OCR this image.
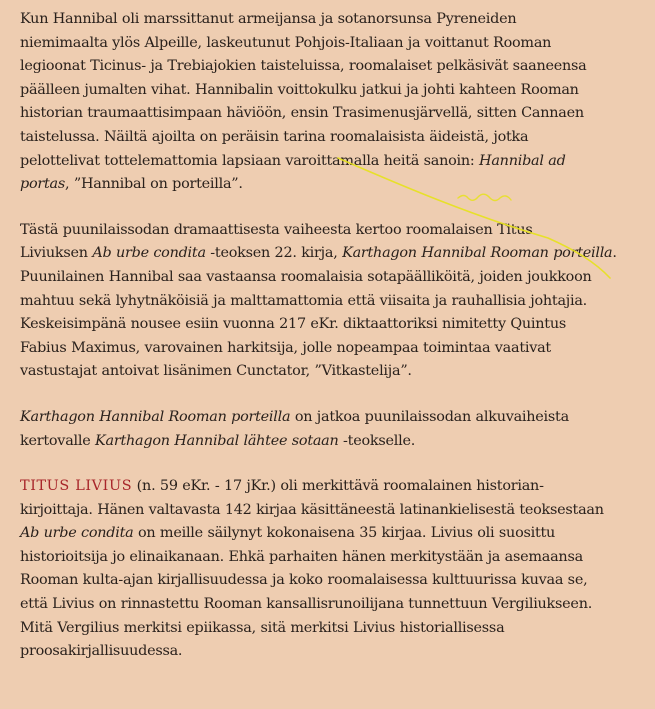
Kun Hannibal oli marssittanut armeijansa ja sotanorsunsa Pyreneiden
niemimaalta ylös Alpeille, laskeutunut Pohjois-Italiaan ja voittanut Rooman
legioonat Ticinus- ja Trebiajokien taisteluissa, roomalaiset pelkäsivät saaneensa
päälleen jumalten vihat. Hannibalin voittokulku jatkui ja johti kahteen Rooman
historian traumaattisimpaan häviöön, ensin Trasimenusjärvellä, sitten Cannaen
taistelussa. Näiltä ajoilta on peräisin tarina roomalaisista äideistä, jotka
pelottelivat tottelemattomia lapsiaan varoittamalla heitä sanoin: Hannibal ad
portas, ”Hannibal on porteilla”.

Tästä puunilaissodan dramaattisesta vaiheesta kertoo roomalaisen Titus
Liviuksen Ab urbe condita -teoksen 22. kirja, Karthagon Hannibal Rooman porteilla.
Puunilainen Hannibal saa vastaansa roomalaisia sotapäälliköitä, joiden joukkoon
mahtuu sekä lyhytnäköisiä ja malttamattomia että viisaita ja rauhallisia johtajia.
Keskeisimpänä nousee esiin vuonna 217 eKr. diktaattoriksi nimitetty Quintus
Fabius Maximus, varovainen harkitsija, jolle nopeampaa toimintaa vaativat
vastustajat antoivat lisänimen Cunctator, ”Vitkastelija”.

Karthagon Hannibal Rooman porteilla on jatkoa puunilaissodan alkuvaiheista
kertovalle Karthagon Hannibal lähtee sotaan -teokselle.

TITUS LIVIUS (n. 59 eKr. - 17 jKr.) oli merkittävä roomalainen historian-
kirjoittaja. Hänen valtavasta 142 kirjaa käsittäneestä latinankielisestä teoksestaan
Ab urbe condita on meille säilynyt kokonaisena 35 kirjaa. Livius oli suosittu
historioitsija jo elinaikanaan. Ehkä parhaiten hänen merkitystään ja asemaansa
Rooman kulta-ajan kirjallisuudessa ja koko roomalaisessa kulttuurissa kuvaa se,
että Livius on rinnastettu Rooman kansallisrunoilijana tunnettuun Vergiliukseen.
Mitä Vergilius merkitsi epiikassa, sitä merkitsi Livius historiallisessa
proosakirjallisuudessa.
